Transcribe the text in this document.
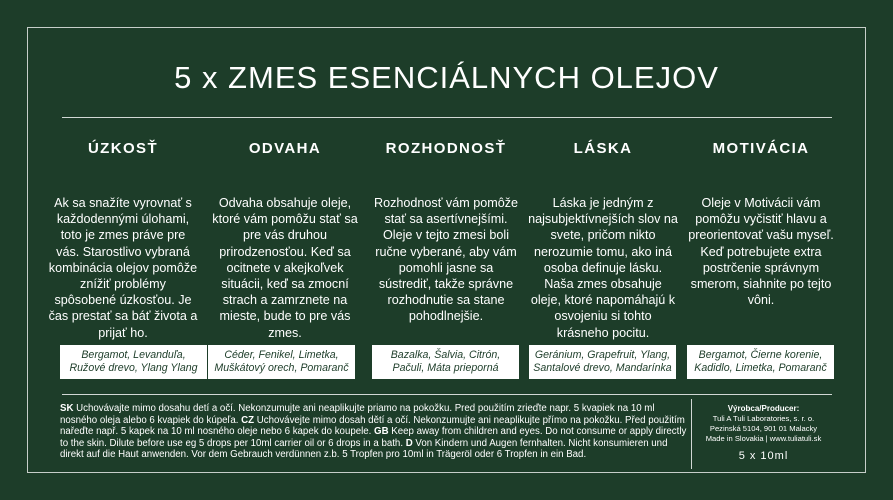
5 x ZMES ESENCIÁLNYCH OLEJOV
ÚZKOSŤ

Ak sa snažíte vyrovnať s každodennými úlohami, toto je zmes práve pre vás. Starostlivo vybraná kombinácia olejov pomôže znížiť problémy spôsobené úzkosťou. Je čas prestať sa báť života a prijať ho.

ODVAHA

Odvaha obsahuje oleje, ktoré vám pomôžu stať sa pre vás druhou prirodzenosťou. Keď sa ocitnete v akejkoľvek situácii, keď sa zmocní strach a zamrznete na mieste, bude to pre vás zmes.

ROZHODNOSŤ

Rozhodnosť vám pomôže stať sa asertívnejšími. Oleje v tejto zmesi boli ručne vyberané, aby vám pomohli jasne sa sústrediť, takže správne rozhodnutie sa stane pohodlnejšie.

LÁSKA

Láska je jedným z najsubjektívnejších slov na svete, pričom nikto nerozumie tomu, ako iná osoba definuje lásku. Naša zmes obsahuje oleje, ktoré napomáhajú k osvojeniu si tohto krásneho pocitu.

MOTIVÁCIA

Oleje v Motivácii vám pomôžu vyčistiť hlavu a preorientovať vašu myseľ. Keď potrebujete extra postrčenie správnym smerom, siahnite po tejto vôni.

Bergamot, Levanduľa, Ružové drevo, Ylang Ylang
Céder, Fenikel, Limetka, Muškátový orech, Pomaranč
Bazalka, Šalvia, Citrón, Pačuli, Máta prieporná
Geránium, Grapefruit, Ylang, Santalové drevo, Mandarínka
Bergamot, Čierne korenie, Kadidlo, Limetka, Pomaranč
SK Uchovávajte mimo dosahu detí a očí. Nekonzumujte ani neaplikujte priamo na pokožku. Pred použitím zrieďte napr. 5 kvapiek na 10 ml nosného oleja alebo 6 kvapiek do kúpeľa. CZ Uchovávejte mimo dosah dětí a očí. Nekonzumujte ani neaplikujte přímo na pokožku. Před použitím nařeďte např. 5 kapek na 10 ml nosného oleje nebo 6 kapek do koupele. GB Keep away from children and eyes. Do not consume or apply directly to the skin. Dilute before use eg 5 drops per 10ml carrier oil or 6 drops in a bath. D Von Kindern und Augen fernhalten. Nicht konsumieren und direkt auf die Haut anwenden. Vor dem Gebrauch verdünnen z.b. 5 Tropfen pro 10ml in Trägeröl oder 6 Tropfen in ein Bad.
Výrobca/Producer:
Tuli A Tuli Laboratories, s. r. o.
Pezinská 5104, 901 01 Malacky
Made in Slovakia | www.tuliatuli.sk
5 x 10ml
